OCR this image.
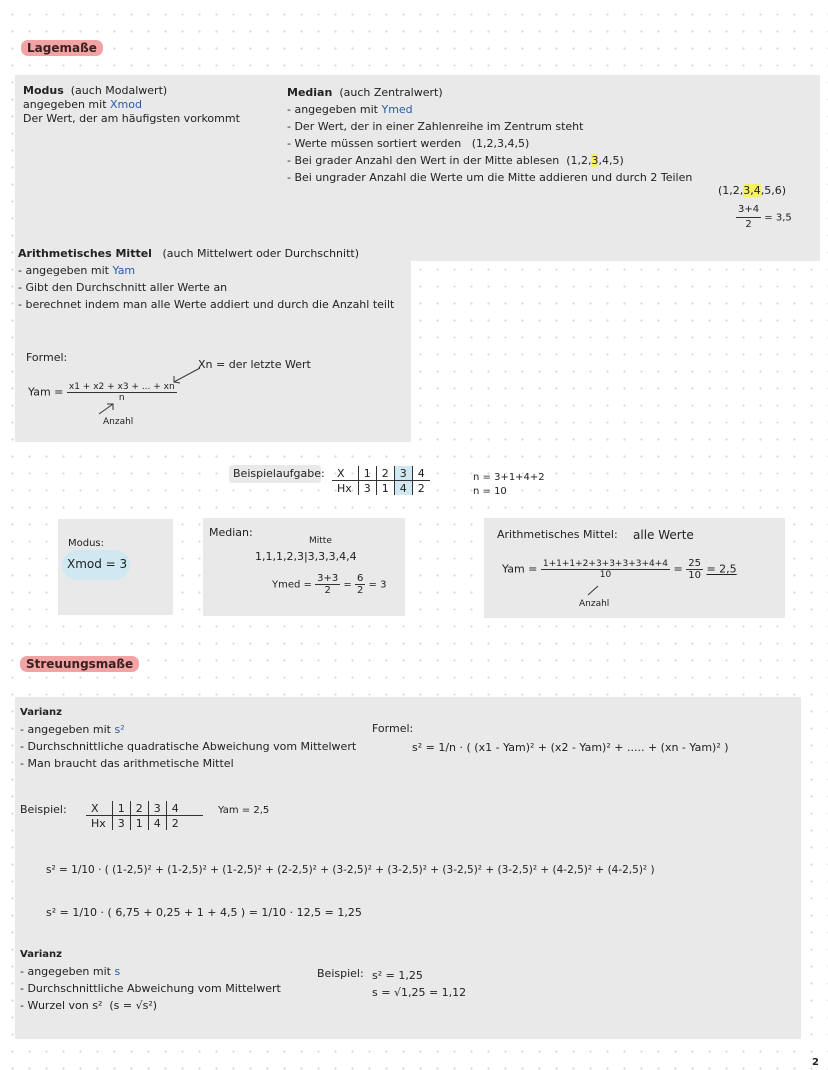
Lagemaße
Modus (auch Modalwert)
angegeben mit Xmod
Der Wert, der am häufigsten vorkommt
Median (auch Zentralwert)
- angegeben mit Ymed
- Der Wert, der in einer Zahlenreihe im Zentrum steht
- Werte müssen sortiert werden (1,2,3,4,5)
- Bei grader Anzahl den Wert in der Mitte ablesen (1,2,3,4,5)
- Bei ungrader Anzahl die Werte um die Mitte addieren und durch 2 Teilen
(1,2,3,4,5,6)
$\frac{3+4}{2} = 3,5$
Arithmetisches Mittel (auch Mittelwert oder Durchschnitt)
- angegeben mit Yam
- Gibt den Durchschnitt aller Werte an
- berechnet indem man alle Werte addiert und durch die Anzahl teilt
Formel:
Xn = der letzte Wert
Yam = $\frac{x1 + x2 + x3 + ... + xn}{n}$
Anzahl
Beispielaufgabe: X	1	2	3	4
Hx	3	1	4	2
n = 3+1+4+2
n = 10
Modus:
Xmod = 3
Median:
Mitte
1,1,1,2,3|3,3,3,4,4
Ymed = $\frac{3+3}{2} = \frac{6}{2} = 3$
Arithmetisches Mittel: alle Werte
Yam = $\frac{1+1+1+2+3+3+3+3+4+4}{10} = \frac{25}{10} = 2,5$
Anzahl
Streuungsmaße
Varianz
- angegeben mit s²
- Durchschnittliche quadratische Abweichung vom Mittelwert
- Man braucht das arithmetische Mittel
Formel:
s² = 1/n · ( (x1 - Yam)² + (x2 - Yam)² + ..... + (xn - Yam)² )
Beispiel: X	1	2	3	4
Hx	3	1	4	2
Yam = 2,5
s² = 1/10 · ( (1-2,5)² + (1-2,5)² + (1-2,5)² + (2-2,5)² + (3-2,5)² + (3-2,5)² + (3-2,5)² + (3-2,5)² + (4-2,5)² + (4-2,5)² )
s² = 1/10 · ( 6,75 + 0,25 + 1 + 4,5 ) = 1/10 · 12,5 = 1,25
Varianz
- angegeben mit s
- Durchschnittliche Abweichung vom Mittelwert
- Wurzel von s² (s = √s²)
Beispiel: s² = 1,25
s = √1,25 = 1,12
2
